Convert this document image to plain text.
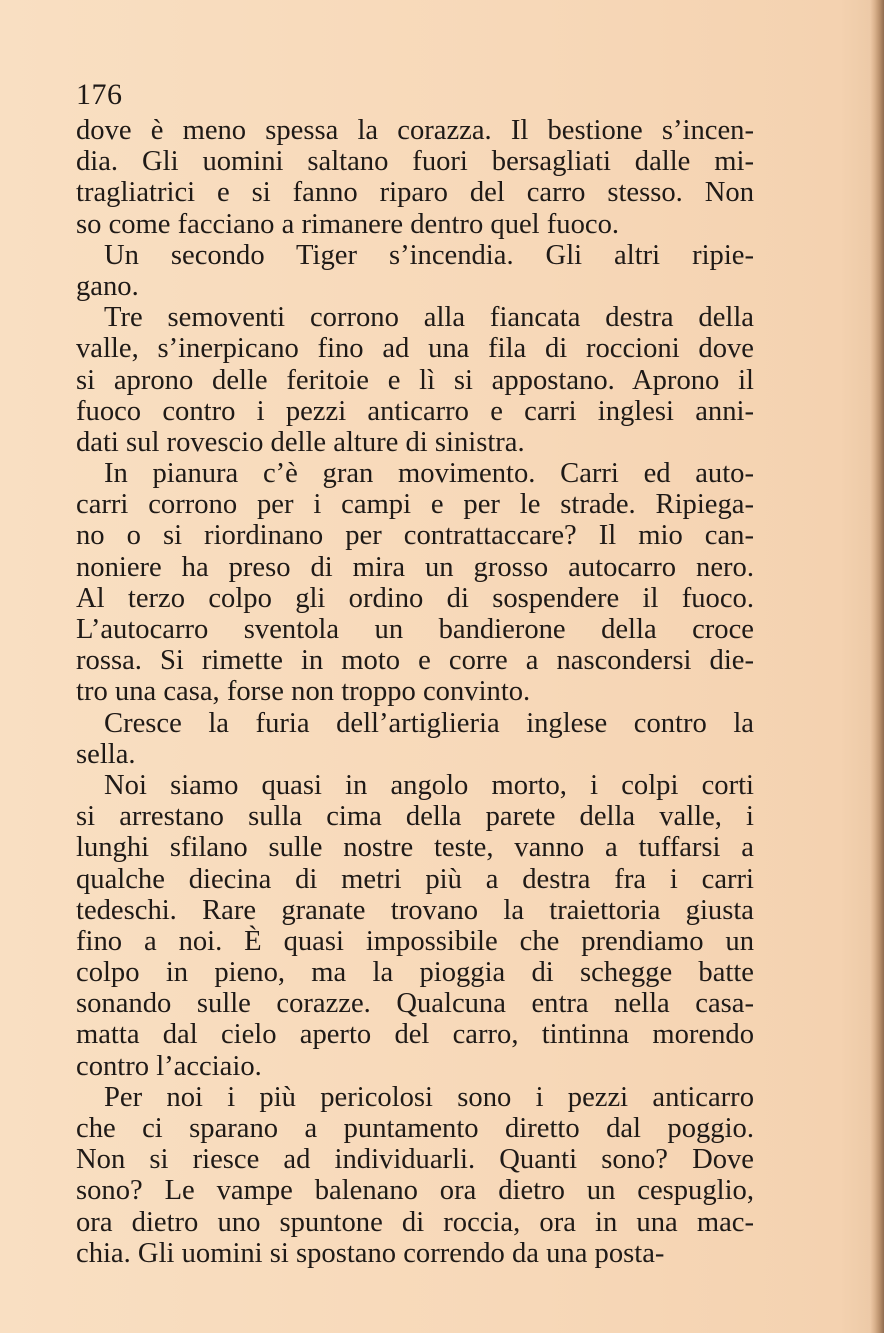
176
dove è meno spessa la corazza. Il bestione s’incen-
dia. Gli uomini saltano fuori bersagliati dalle mi-
tragliatrici e si fanno riparo del carro stesso. Non
so come facciano a rimanere dentro quel fuoco.
Un secondo Tiger s’incendia. Gli altri ripie-
gano.
Tre semoventi corrono alla fiancata destra della
valle, s’inerpicano fino ad una fila di roccioni dove
si aprono delle feritoie e lì si appostano. Aprono il
fuoco contro i pezzi anticarro e carri inglesi anni-
dati sul rovescio delle alture di sinistra.
In pianura c’è gran movimento. Carri ed auto-
carri corrono per i campi e per le strade. Ripiega-
no o si riordinano per contrattaccare? Il mio can-
noniere ha preso di mira un grosso autocarro nero.
Al terzo colpo gli ordino di sospendere il fuoco.
L’autocarro sventola un bandierone della croce
rossa. Si rimette in moto e corre a nascondersi die-
tro una casa, forse non troppo convinto.
Cresce la furia dell’artiglieria inglese contro la
sella.
Noi siamo quasi in angolo morto, i colpi corti
si arrestano sulla cima della parete della valle, i
lunghi sfilano sulle nostre teste, vanno a tuffarsi a
qualche diecina di metri più a destra fra i carri
tedeschi. Rare granate trovano la traiettoria giusta
fino a noi. È quasi impossibile che prendiamo un
colpo in pieno, ma la pioggia di schegge batte
sonando sulle corazze. Qualcuna entra nella casa-
matta dal cielo aperto del carro, tintinna morendo
contro l’acciaio.
Per noi i più pericolosi sono i pezzi anticarro
che ci sparano a puntamento diretto dal poggio.
Non si riesce ad individuarli. Quanti sono? Dove
sono? Le vampe balenano ora dietro un cespuglio,
ora dietro uno spuntone di roccia, ora in una mac-
chia. Gli uomini si spostano correndo da una posta-
